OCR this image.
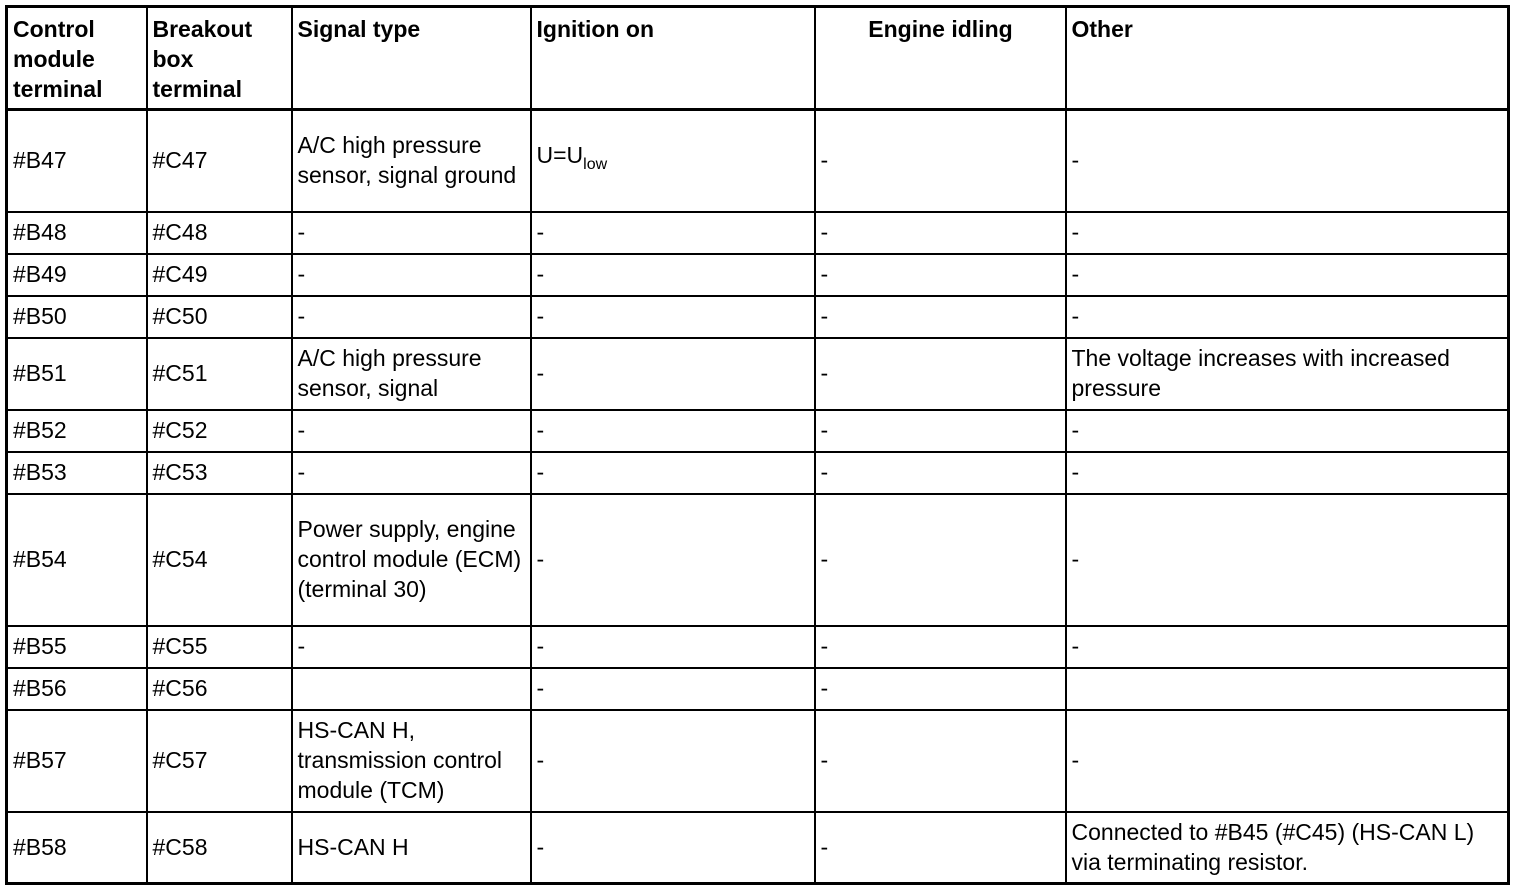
Control module terminal	Breakout box terminal	Signal type	Ignition on	Engine idling	Other
#B47	#C47	A/C high pressure sensor, signal ground	$U=U_{low}$	-	-
#B48	#C48	-	-	-	-
#B49	#C49	-	-	-	-
#B50	#C50	-	-	-	-
#B51	#C51	A/C high pressure sensor, signal	-	-	The voltage increases with increased pressure
#B52	#C52	-	-	-	-
#B53	#C53	-	-	-	-
#B54	#C54	Power supply, engine control module (ECM) (terminal 30)	-	-	-
#B55	#C55	-	-	-	-
#B56	#C56		-	-	
#B57	#C57	HS-CAN H, transmission control module (TCM)	-	-	-
#B58	#C58	HS-CAN H	-	-	Connected to #B45 (#C45) (HS-CAN L) via terminating resistor.
